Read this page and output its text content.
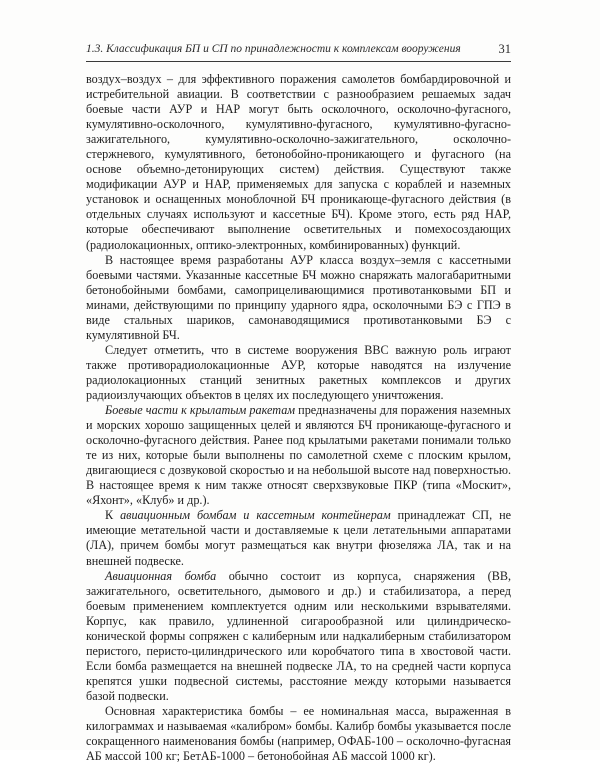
1.3. Классификация БП и СП по принадлежности к комплексам вооружения	31

воздух–воздух – для эффективного поражения самолетов бомбардировочной и истребительной авиации. В соответствии с разнообразием решаемых задач боевые части АУР и НАР могут быть осколочного, осколочно-фугасного, кумулятивно-осколочного, кумулятивно-фугасного, кумулятивно-фугасно-зажигательного, кумулятивно-осколочно-зажигательного, осколочно-стержневого, кумулятивного, бетонобойно-проникающего и фугасного (на основе объемно-детонирующих систем) действия. Существуют также модификации АУР и НАР, применяемых для запуска с кораблей и наземных установок и оснащенных моноблочной БЧ проникающе-фугасного действия (в отдельных случаях используют и кассетные БЧ). Кроме этого, есть ряд НАР, которые обеспечивают выполнение осветительных и помехосоздающих (радиолокационных, оптико-электронных, комбинированных) функций.

В настоящее время разработаны АУР класса воздух–земля с кассетными боевыми частями. Указанные кассетные БЧ можно снаряжать малогабаритными бетонобойными бомбами, самоприцеливающимися противотанковыми БП и минами, действующими по принципу ударного ядра, осколочными БЭ с ГПЭ в виде стальных шариков, самонаводящимися противотанковыми БЭ с кумулятивной БЧ.

Следует отметить, что в системе вооружения ВВС важную роль играют также противорадиолокационные АУР, которые наводятся на излучение радиолокационных станций зенитных ракетных комплексов и других радиоизлучающих объектов в целях их последующего уничтожения.

Боевые части к крылатым ракетам предназначены для поражения наземных и морских хорошо защищенных целей и являются БЧ проникающе-фугасного и осколочно-фугасного действия. Ранее под крылатыми ракетами понимали только те из них, которые были выполнены по самолетной схеме с плоским крылом, двигающиеся с дозвуковой скоростью и на небольшой высоте над поверхностью. В настоящее время к ним также относят сверхзвуковые ПКР (типа «Москит», «Яхонт», «Клуб» и др.).

К авиационным бомбам и кассетным контейнерам принадлежат СП, не имеющие метательной части и доставляемые к цели летательными аппаратами (ЛА), причем бомбы могут размещаться как внутри фюзеляжа ЛА, так и на внешней подвеске.

Авиационная бомба обычно состоит из корпуса, снаряжения (ВВ, зажигательного, осветительного, дымового и др.) и стабилизатора, а перед боевым применением комплектуется одним или несколькими взрывателями. Корпус, как правило, удлиненной сигарообразной или цилиндрическо-конической формы сопряжен с калиберным или надкалиберным стабилизатором перистого, перисто-цилиндрического или коробчатого типа в хвостовой части. Если бомба размещается на внешней подвеске ЛА, то на средней части корпуса крепятся ушки подвесной системы, расстояние между которыми называется базой подвески.

Основная характеристика бомбы – ее номинальная масса, выраженная в килограммах и называемая «калибром» бомбы. Калибр бомбы указывается после сокращенного наименования бомбы (например, ОФАБ-100 – осколочно-фугасная АБ массой 100 кг; БетАБ-1000 – бетонобойная АБ массой 1000 кг).
